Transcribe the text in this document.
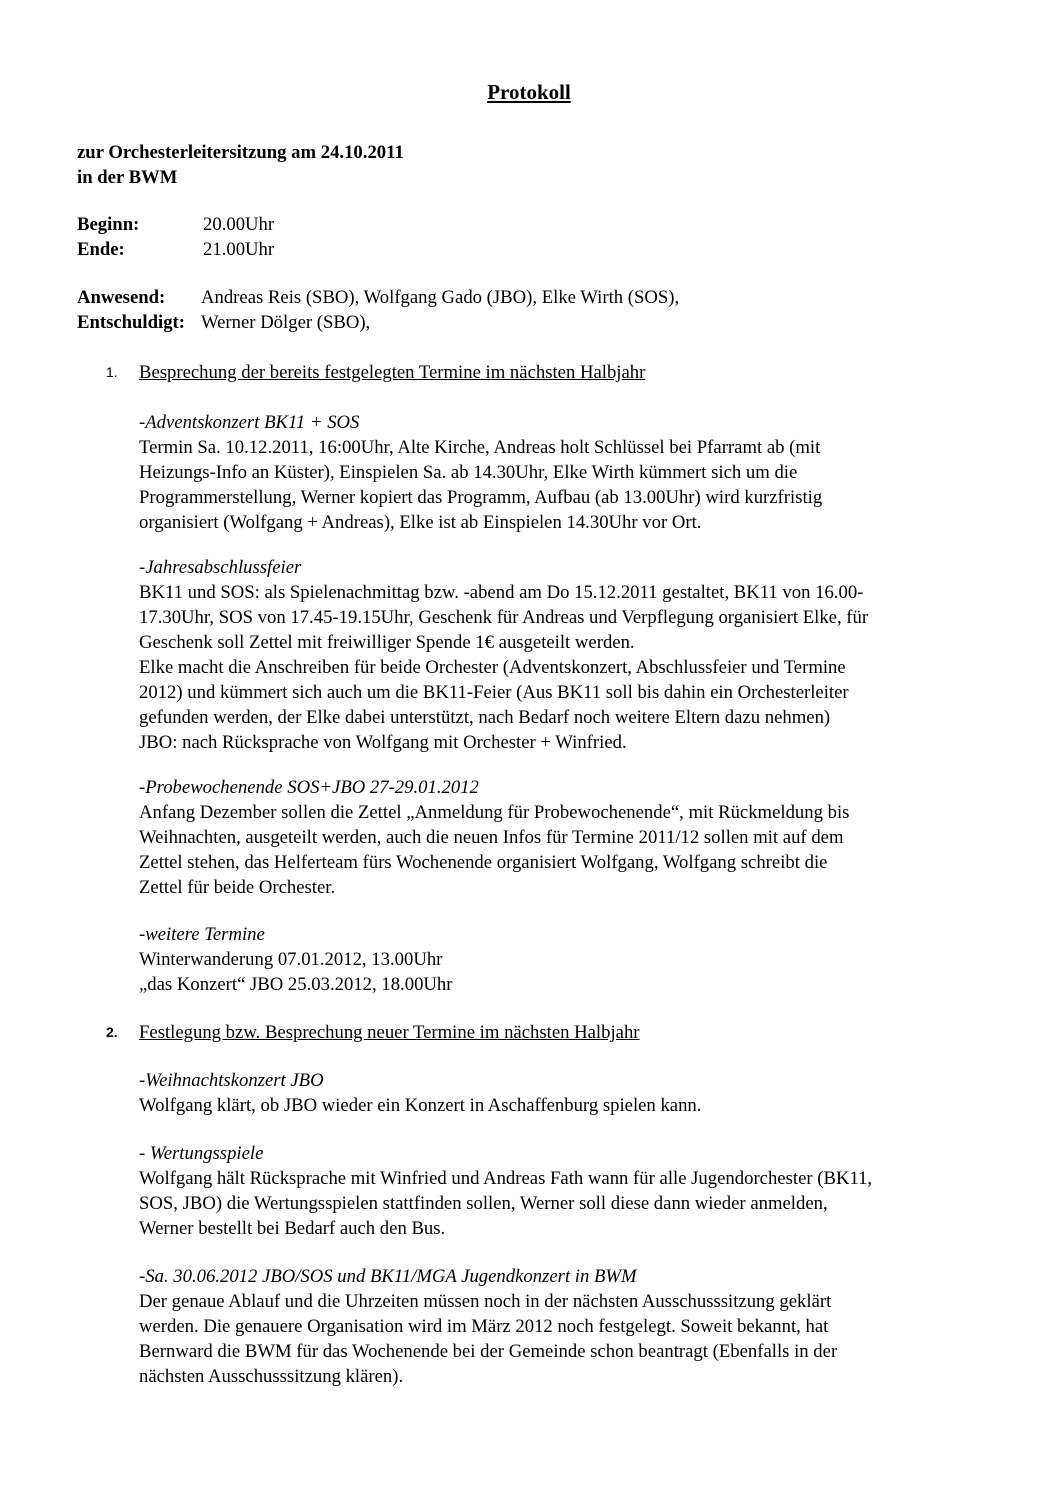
Protokoll
zur Orchesterleitersitzung am 24.10.2011
in der BWM
Beginn:	20.00Uhr
Ende:	21.00Uhr
Anwesend:	Andreas Reis (SBO), Wolfgang Gado (JBO), Elke Wirth (SOS),
Entschuldigt: Werner Dölger (SBO),
1.	Besprechung der bereits festgelegten Termine im nächsten Halbjahr
-Adventskonzert BK11 + SOS
Termin Sa. 10.12.2011, 16:00Uhr, Alte Kirche, Andreas holt Schlüssel bei Pfarramt ab (mit
Heizungs-Info an Küster), Einspielen Sa. ab 14.30Uhr, Elke Wirth kümmert sich um die
Programmerstellung, Werner kopiert das Programm, Aufbau (ab 13.00Uhr) wird kurzfristig
organisiert (Wolfgang + Andreas), Elke ist ab Einspielen 14.30Uhr vor Ort.
-Jahresabschlussfeier
BK11 und SOS: als Spielenachmittag bzw. -abend am Do 15.12.2011 gestaltet, BK11 von 16.00-
17.30Uhr, SOS von 17.45-19.15Uhr, Geschenk für Andreas und Verpflegung organisiert Elke, für
Geschenk soll Zettel mit freiwilliger Spende 1€ ausgeteilt werden.
Elke macht die Anschreiben für beide Orchester (Adventskonzert, Abschlussfeier und Termine
2012) und kümmert sich auch um die BK11-Feier (Aus BK11 soll bis dahin ein Orchesterleiter
gefunden werden, der Elke dabei unterstützt, nach Bedarf noch weitere Eltern dazu nehmen)
JBO: nach Rücksprache von Wolfgang mit Orchester + Winfried.
-Probewochenende SOS+JBO 27-29.01.2012
Anfang Dezember sollen die Zettel „Anmeldung für Probewochenende“, mit Rückmeldung bis
Weihnachten, ausgeteilt werden, auch die neuen Infos für Termine 2011/12 sollen mit auf dem
Zettel stehen, das Helferteam fürs Wochenende organisiert Wolfgang, Wolfgang schreibt die
Zettel für beide Orchester.
-weitere Termine
Winterwanderung 07.01.2012, 13.00Uhr
„das Konzert“ JBO 25.03.2012, 18.00Uhr
2.	Festlegung bzw. Besprechung neuer Termine im nächsten Halbjahr
-Weihnachtskonzert JBO
Wolfgang klärt, ob JBO wieder ein Konzert in Aschaffenburg spielen kann.
- Wertungsspiele
Wolfgang hält Rücksprache mit Winfried und Andreas Fath wann für alle Jugendorchester (BK11,
SOS, JBO) die Wertungsspielen stattfinden sollen, Werner soll diese dann wieder anmelden,
Werner bestellt bei Bedarf auch den Bus.
-Sa. 30.06.2012 JBO/SOS und BK11/MGA Jugendkonzert in BWM
Der genaue Ablauf und die Uhrzeiten müssen noch in der nächsten Ausschusssitzung geklärt
werden. Die genauere Organisation wird im März 2012 noch festgelegt. Soweit bekannt, hat
Bernward die BWM für das Wochenende bei der Gemeinde schon beantragt (Ebenfalls in der
nächsten Ausschusssitzung klären).
